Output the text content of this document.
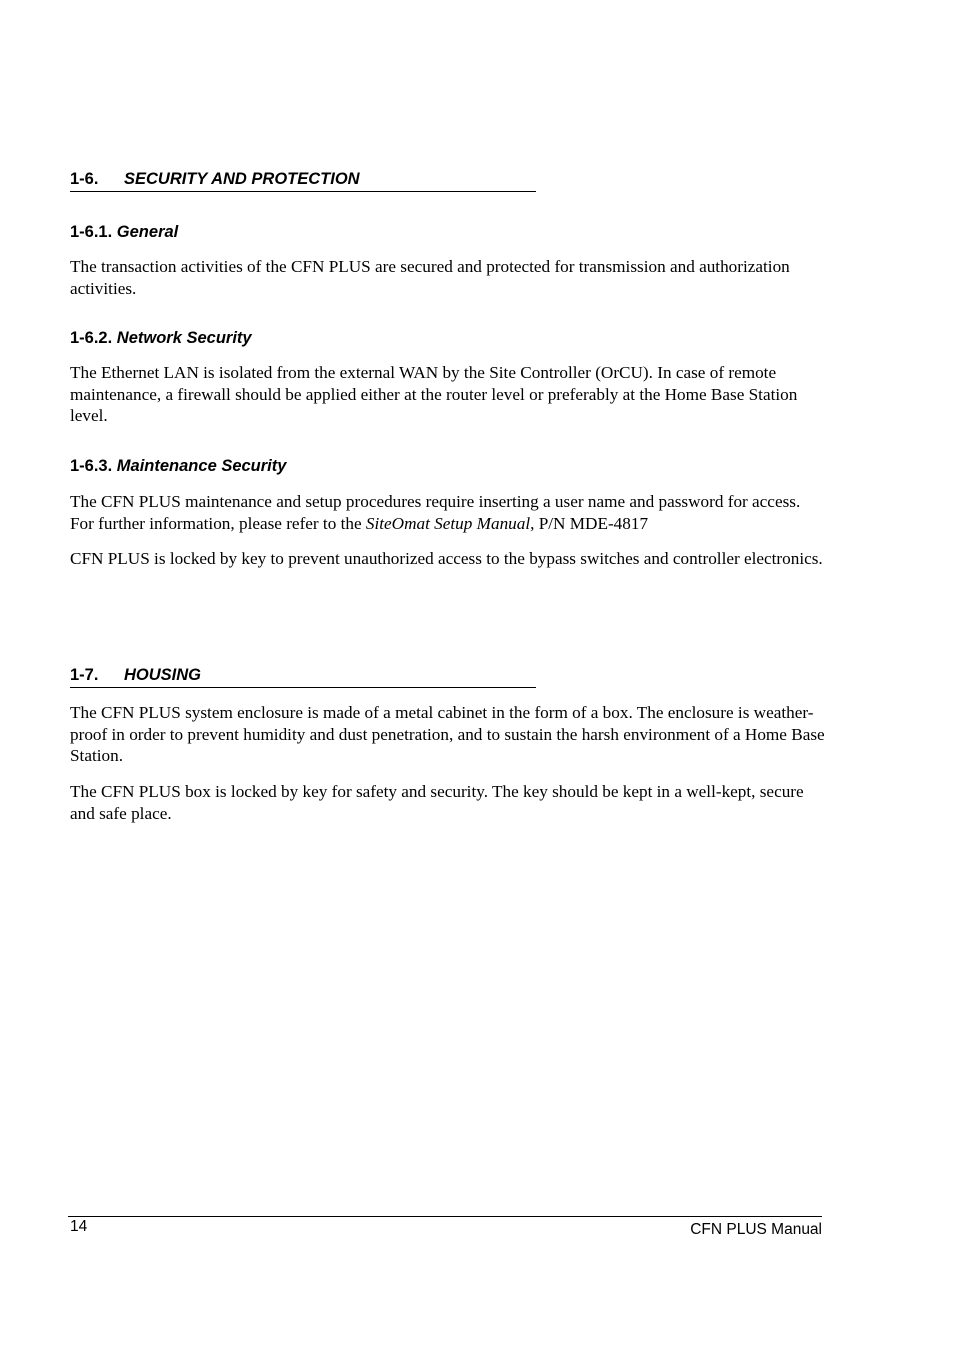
1-6. SECURITY AND PROTECTION
1-6.1. General

The transaction activities of the CFN PLUS are secured and protected for transmission and authorization activities.

1-6.2. Network Security

The Ethernet LAN is isolated from the external WAN by the Site Controller (OrCU). In case of remote maintenance, a firewall should be applied either at the router level or preferably at the Home Base Station level.

1-6.3. Maintenance Security

The CFN PLUS maintenance and setup procedures require inserting a user name and password for access. For further information, please refer to the SiteOmat Setup Manual, P/N MDE-4817

CFN PLUS is locked by key to prevent unauthorized access to the bypass switches and controller electronics.

1-7. HOUSING

The CFN PLUS system enclosure is made of a metal cabinet in the form of a box. The enclosure is weather-proof in order to prevent humidity and dust penetration, and to sustain the harsh environment of a Home Base Station.

The CFN PLUS box is locked by key for safety and security. The key should be kept in a well-kept, secure and safe place.

14	CFN PLUS Manual
